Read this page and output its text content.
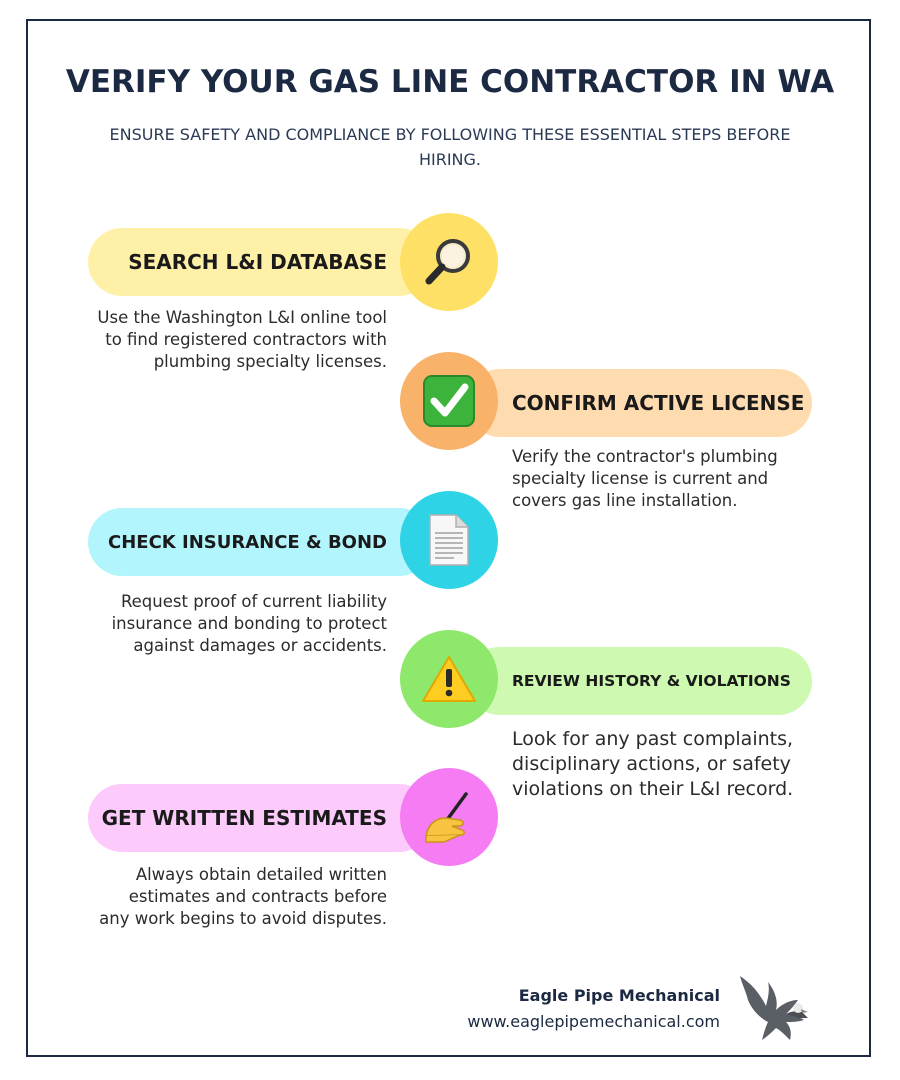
VERIFY YOUR GAS LINE CONTRACTOR IN WA

ENSURE SAFETY AND COMPLIANCE BY FOLLOWING THESE ESSENTIAL STEPS BEFORE HIRING.

SEARCH L&I DATABASE
Use the Washington L&I online tool to find registered contractors with plumbing specialty licenses.
CONFIRM ACTIVE LICENSE
Verify the contractor's plumbing specialty license is current and covers gas line installation.
CHECK INSURANCE & BOND
Request proof of current liability insurance and bonding to protect against damages or accidents.
REVIEW HISTORY & VIOLATIONS
Look for any past complaints, disciplinary actions, or safety violations on their L&I record.
GET WRITTEN ESTIMATES
Always obtain detailed written estimates and contracts before any work begins to avoid disputes.
Eagle Pipe Mechanical
www.eaglepipemechanical.com
